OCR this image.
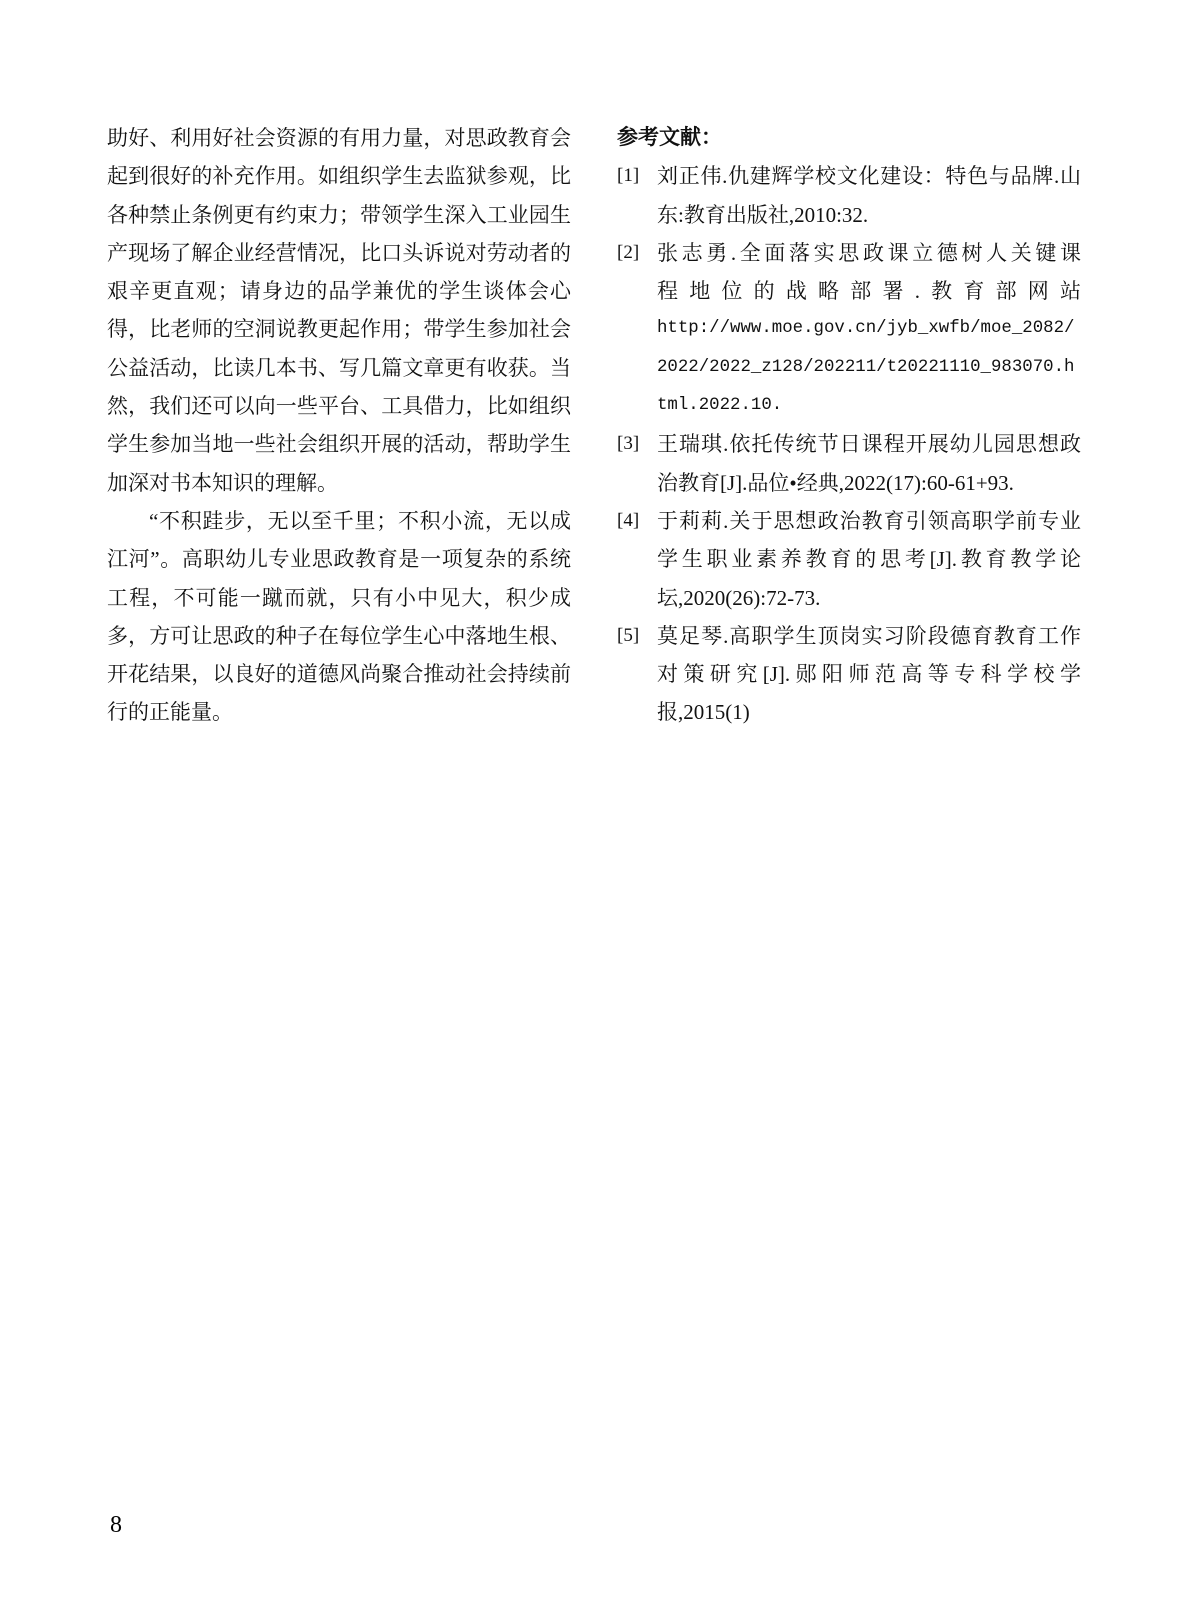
助好、利用好社会资源的有用力量，对思政教育会起到很好的补充作用。如组织学生去监狱参观，比各种禁止条例更有约束力；带领学生深入工业园生产现场了解企业经营情况，比口头诉说对劳动者的艰辛更直观；请身边的品学兼优的学生谈体会心得，比老师的空洞说教更起作用；带学生参加社会公益活动，比读几本书、写几篇文章更有收获。当然，我们还可以向一些平台、工具借力，比如组织学生参加当地一些社会组织开展的活动，帮助学生加深对书本知识的理解。

“不积跬步，无以至千里；不积小流，无以成江河”。高职幼儿专业思政教育是一项复杂的系统工程，不可能一蹴而就，只有小中见大，积少成多，方可让思政的种子在每位学生心中落地生根、开花结果，以良好的道德风尚聚合推动社会持续前行的正能量。

参考文献：
[1] 刘正伟.仇建辉学校文化建设：特色与品牌.山
东:教育出版社,2010:32.
[2] 张志勇.全面落实思政课立德树人关键课
程地位的战略部署.教育部网站
http://www.moe.gov.cn/jyb_xwfb/moe_2082/
2022/2022_z128/202211/t20221110_983070.h
tml.2022.10.
[3] 王瑞琪.依托传统节日课程开展幼儿园思想政
治教育[J].品位•经典,2022(17):60-61+93.
[4] 于莉莉.关于思想政治教育引领高职学前专业
学生职业素养教育的思考[J].教育教学论
坛,2020(26):72-73.
[5] 莫足琴.高职学生顶岗实习阶段德育教育工作
对策研究[J].郧阳师范高等专科学校学
报,2015(1)
8
